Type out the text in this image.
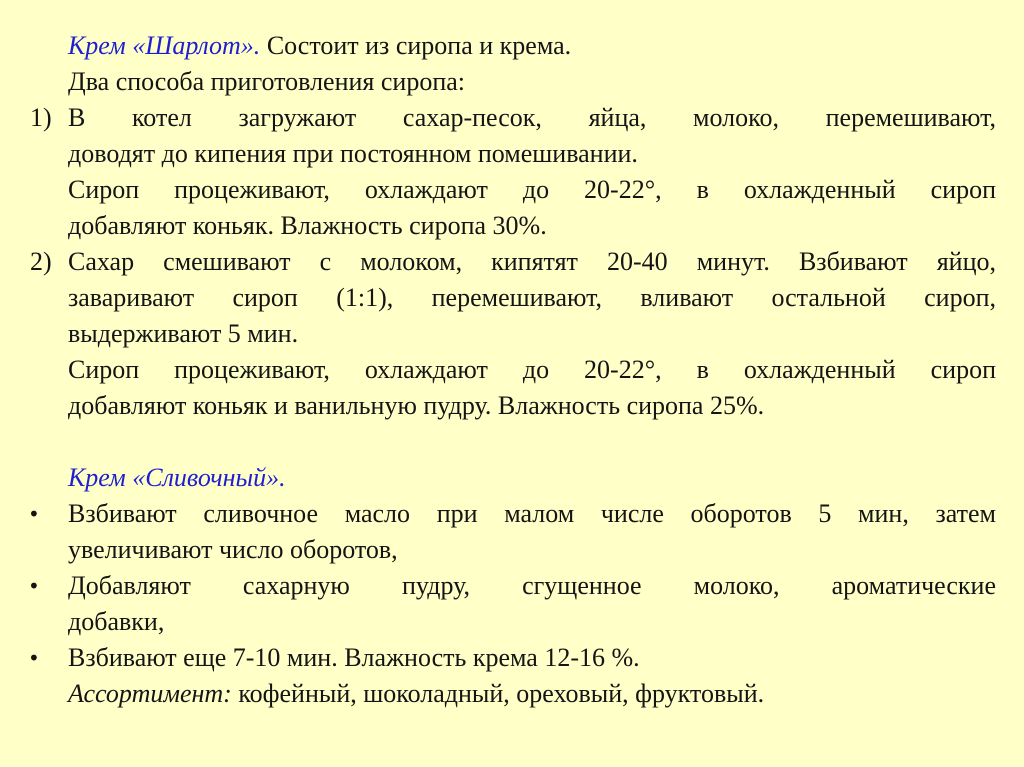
Крем «Шарлот». Состоит из сиропа и крема.
Два способа приготовления сиропа:
1) В котел загружают сахар-песок, яйца, молоко, перемешивают,
доводят до кипения при постоянном помешивании.
Сироп процеживают, охлаждают до 20-22°, в охлажденный сироп
добавляют коньяк. Влажность сиропа 30%.
2) Сахар смешивают с молоком, кипятят 20-40 минут. Взбивают яйцо,
заваривают сироп (1:1), перемешивают, вливают остальной сироп,
выдерживают 5 мин.
Сироп процеживают, охлаждают до 20-22°, в охлажденный сироп
добавляют коньяк и ванильную пудру. Влажность сиропа 25%.
Крем «Сливочный».
• Взбивают сливочное масло при малом числе оборотов 5 мин, затем
увеличивают число оборотов,
• Добавляют сахарную пудру, сгущенное молоко, ароматические
добавки,
• Взбивают еще 7-10 мин. Влажность крема 12-16 %.
Ассортимент: кофейный, шоколадный, ореховый, фруктовый.
